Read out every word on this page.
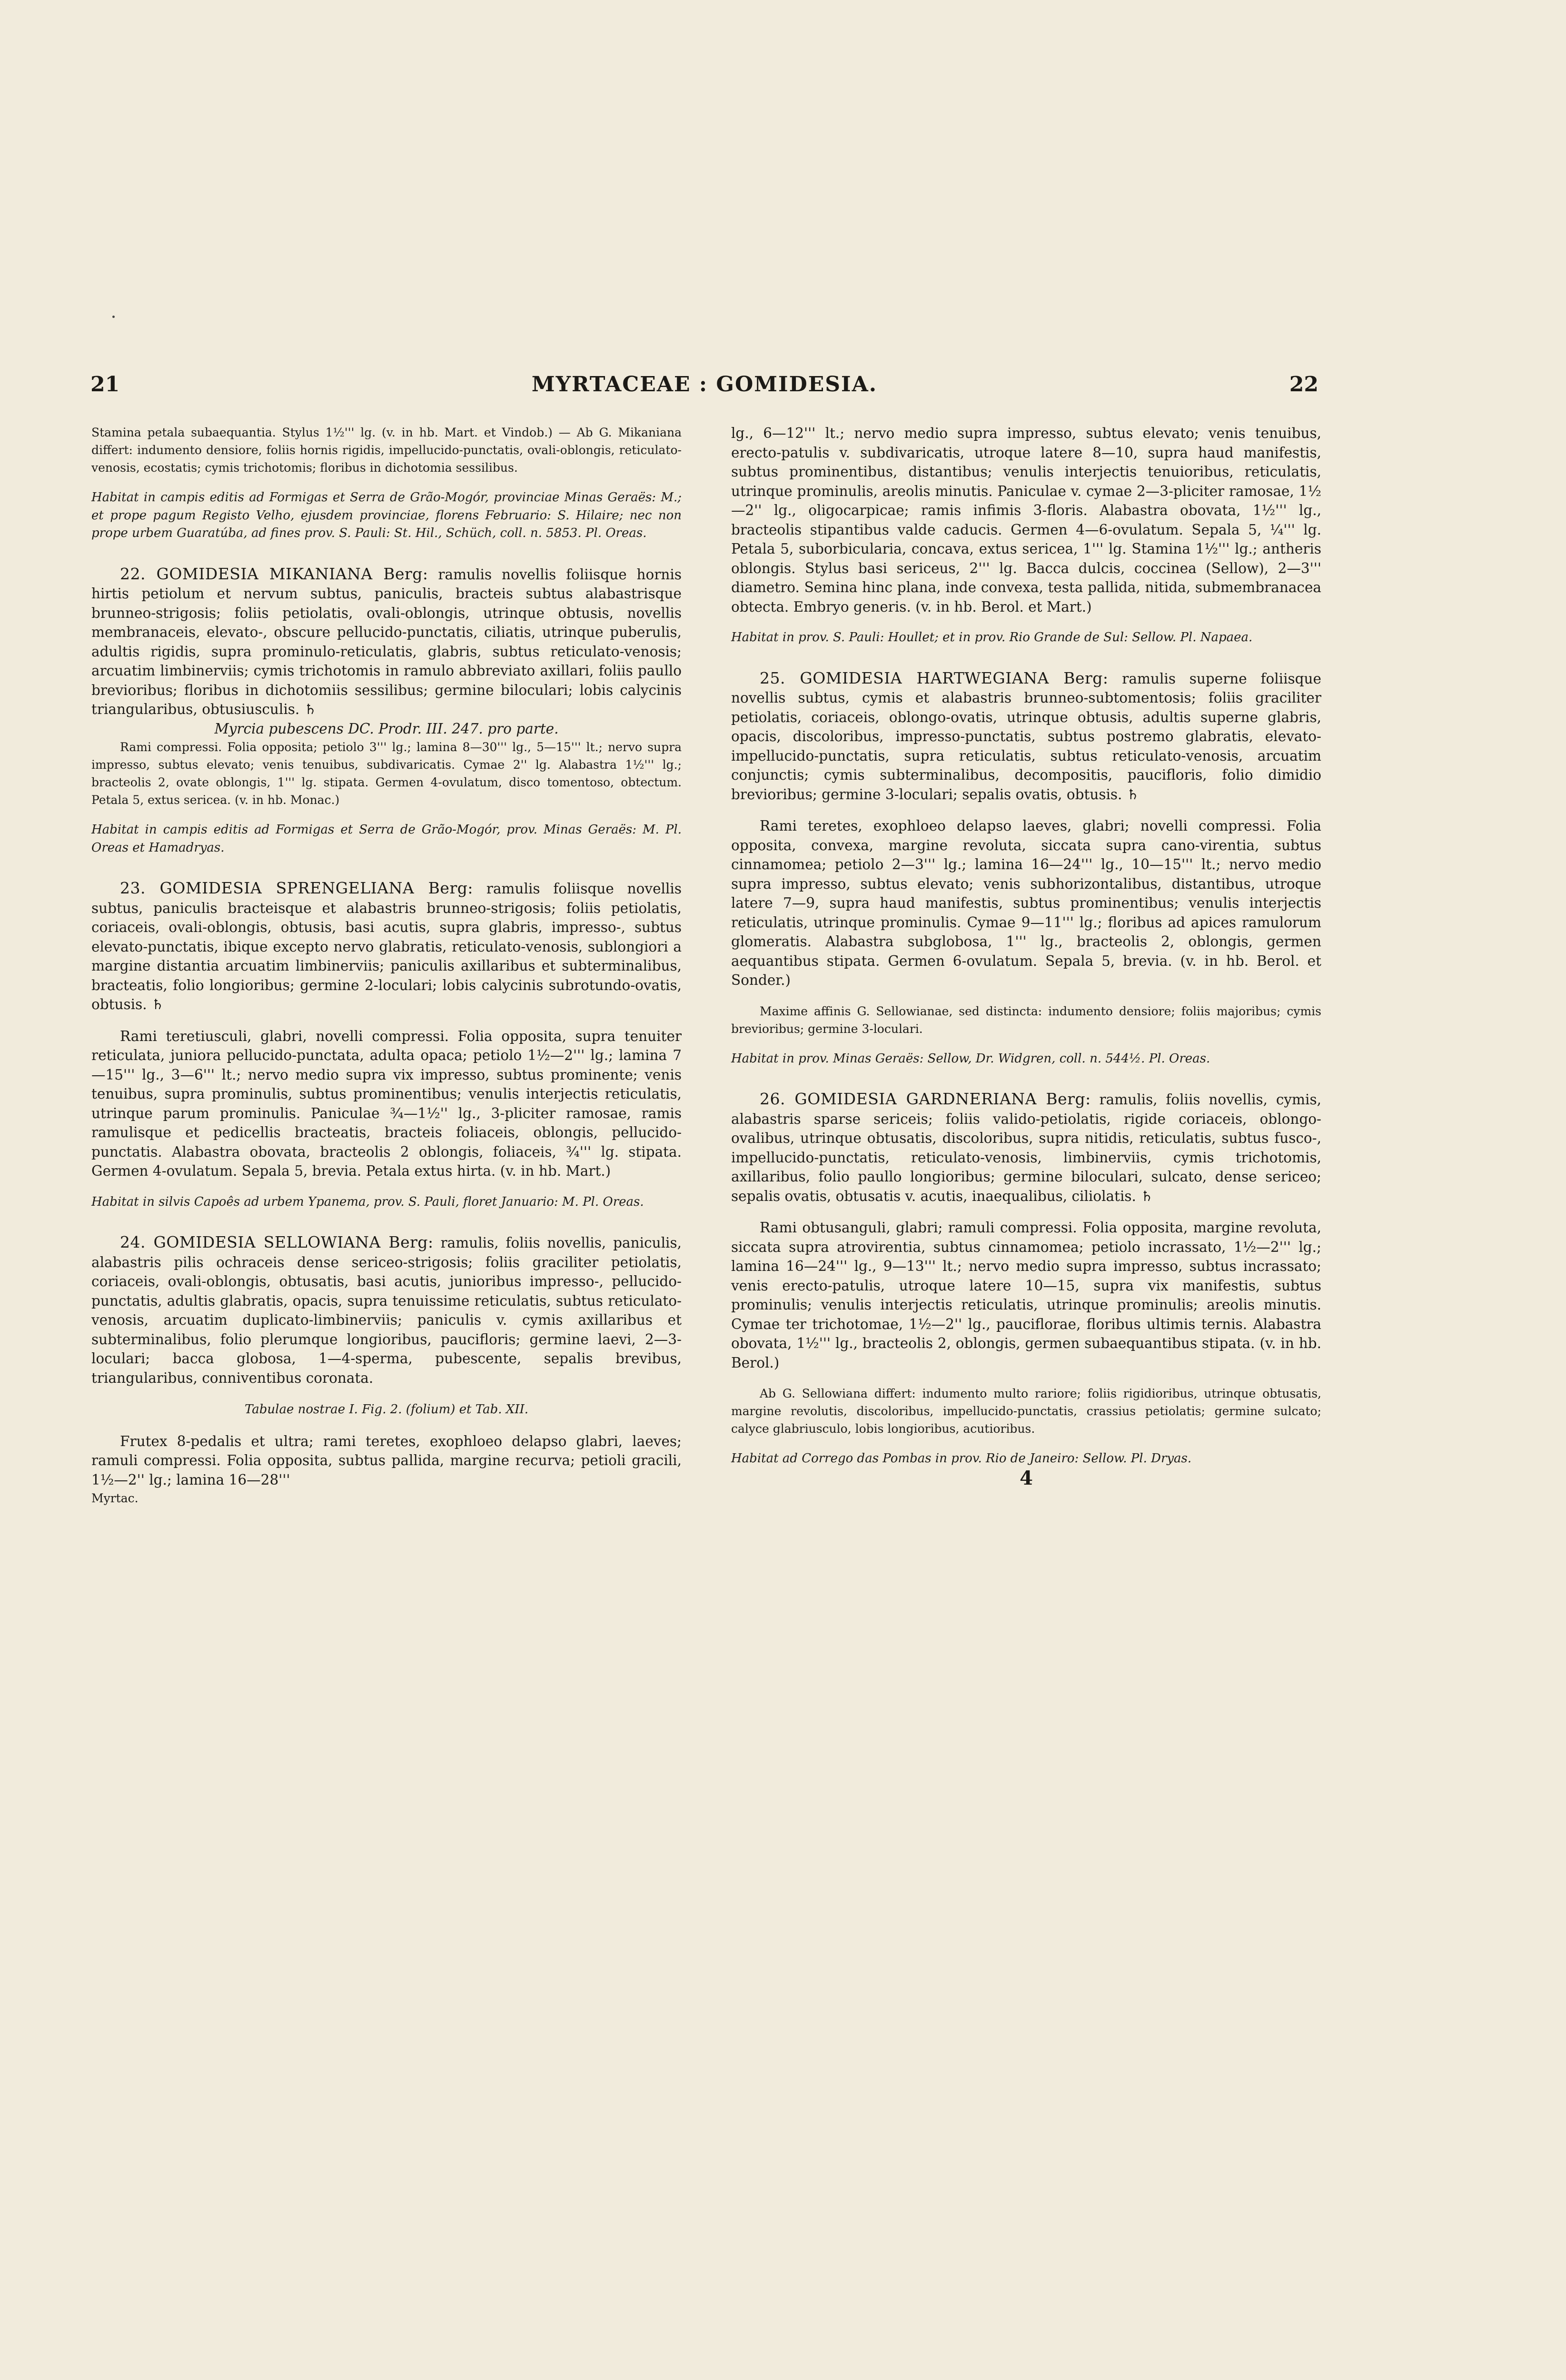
21	MYRTACEAE : GOMIDESIA.	22

Stamina petala subaequantia. Stylus 1½''' lg. (v. in hb. Mart. et Vindob.) — Ab G. Mikaniana differt: indumento densiore, foliis hornis rigidis, impellucido-punctatis, ovali-oblongis, reticulato-venosis, ecostatis; cymis trichotomis; floribus in dichotomia sessilibus.

Habitat in campis editis ad Formigas et Serra de Grão-Mogór, provinciae Minas Geraës: M.; et prope pagum Registo Velho, ejusdem provinciae, florens Februario: S. Hilaire; nec non prope urbem Guaratúba, ad fines prov. S. Pauli: St. Hil., Schüch, coll. n. 5853. Pl. Oreas.

22. GOMIDESIA MIKANIANA Berg: ramulis novellis foliisque hornis hirtis petiolum et nervum subtus, paniculis, bracteis subtus alabastrisque brunneo-strigosis; foliis petiolatis, ovali-oblongis, utrinque obtusis, novellis membranaceis, elevato-, obscure pellucido-punctatis, ciliatis, utrinque puberulis, adultis rigidis, supra prominulo-reticulatis, glabris, subtus reticulato-venosis; arcuatim limbinerviis; cymis trichotomis in ramulo abbreviato axillari, foliis paullo brevioribus; floribus in dichotomiis sessilibus; germine biloculari; lobis calycinis triangularibus, obtusiusculis. ♄

Myrcia pubescens DC. Prodr. III. 247. pro parte.

Rami compressi. Folia opposita; petiolo 3''' lg.; lamina 8—30''' lg., 5—15''' lt.; nervo supra impresso, subtus elevato; venis tenuibus, subdivaricatis. Cymae 2'' lg. Alabastra 1½''' lg.; bracteolis 2, ovate oblongis, 1''' lg. stipata. Germen 4-ovulatum, disco tomentoso, obtectum. Petala 5, extus sericea. (v. in hb. Monac.)

Habitat in campis editis ad Formigas et Serra de Grão-Mogór, prov. Minas Geraës: M. Pl. Oreas et Hamadryas.

23. GOMIDESIA SPRENGELIANA Berg: ramulis foliisque novellis subtus, paniculis bracteisque et alabastris brunneo-strigosis; foliis petiolatis, coriaceis, ovali-oblongis, obtusis, basi acutis, supra glabris, impresso-, subtus elevato-punctatis, ibique excepto nervo glabratis, reticulato-venosis, sublongiori a margine distantia arcuatim limbinerviis; paniculis axillaribus et subterminalibus, bracteatis, folio longioribus; germine 2-loculari; lobis calycinis subrotundo-ovatis, obtusis. ♄

Rami teretiusculi, glabri, novelli compressi. Folia opposita, supra tenuiter reticulata, juniora pellucido-punctata, adulta opaca; petiolo 1½—2''' lg.; lamina 7—15''' lg., 3—6''' lt.; nervo medio supra vix impresso, subtus prominente; venis tenuibus, supra prominulis, subtus prominentibus; venulis interjectis reticulatis, utrinque parum prominulis. Paniculae ¾—1½'' lg., 3-pliciter ramosae, ramis ramulisque et pedicellis bracteatis, bracteis foliaceis, oblongis, pellucido-punctatis. Alabastra obovata, bracteolis 2 oblongis, foliaceis, ¾''' lg. stipata. Germen 4-ovulatum. Sepala 5, brevia. Petala extus hirta. (v. in hb. Mart.)

Habitat in silvis Capoês ad urbem Ypanema, prov. S. Pauli, floret Januario: M. Pl. Oreas.

24. GOMIDESIA SELLOWIANA Berg: ramulis, foliis novellis, paniculis, alabastris pilis ochraceis dense sericeo-strigosis; foliis graciliter petiolatis, coriaceis, ovali-oblongis, obtusatis, basi acutis, junioribus impresso-, pellucido-punctatis, adultis glabratis, opacis, supra tenuissime reticulatis, subtus reticulato-venosis, arcuatim duplicato-limbinerviis; paniculis v. cymis axillaribus et subterminalibus, folio plerumque longioribus, paucifloris; germine laevi, 2—3-loculari; bacca globosa, 1—4-sperma, pubescente, sepalis brevibus, triangularibus, conniventibus coronata.

Tabulae nostrae I. Fig. 2. (folium) et Tab. XII.

Frutex 8-pedalis et ultra; rami teretes, exophloeo delapso glabri, laeves; ramuli compressi. Folia opposita, subtus pallida, margine recurva; petioli gracili, 1½—2'' lg.; lamina 16—28'''

Myrtac.

lg., 6—12''' lt.; nervo medio supra impresso, subtus elevato; venis tenuibus, erecto-patulis v. subdivaricatis, utroque latere 8—10, supra haud manifestis, subtus prominentibus, distantibus; venulis interjectis tenuioribus, reticulatis, utrinque prominulis, areolis minutis. Paniculae v. cymae 2—3-pliciter ramosae, 1½—2'' lg., oligocarpicae; ramis infimis 3-floris. Alabastra obovata, 1½''' lg., bracteolis stipantibus valde caducis. Germen 4—6-ovulatum. Sepala 5, ¼''' lg. Petala 5, suborbicularia, concava, extus sericea, 1''' lg. Stamina 1½''' lg.; antheris oblongis. Stylus basi sericeus, 2''' lg. Bacca dulcis, coccinea (Sellow), 2—3''' diametro. Semina hinc plana, inde convexa, testa pallida, nitida, submembranacea obtecta. Embryo generis. (v. in hb. Berol. et Mart.)

Habitat in prov. S. Pauli: Houllet; et in prov. Rio Grande de Sul: Sellow. Pl. Napaea.

25. GOMIDESIA HARTWEGIANA Berg: ramulis superne foliisque novellis subtus, cymis et alabastris brunneo-subtomentosis; foliis graciliter petiolatis, coriaceis, oblongo-ovatis, utrinque obtusis, adultis superne glabris, opacis, discoloribus, impresso-punctatis, subtus postremo glabratis, elevato-impellucido-punctatis, supra reticulatis, subtus reticulato-venosis, arcuatim conjunctis; cymis subterminalibus, decompositis, paucifloris, folio dimidio brevioribus; germine 3-loculari; sepalis ovatis, obtusis. ♄

Rami teretes, exophloeo delapso laeves, glabri; novelli compressi. Folia opposita, convexa, margine revoluta, siccata supra cano-virentia, subtus cinnamomea; petiolo 2—3''' lg.; lamina 16—24''' lg., 10—15''' lt.; nervo medio supra impresso, subtus elevato; venis subhorizontalibus, distantibus, utroque latere 7—9, supra haud manifestis, subtus prominentibus; venulis interjectis reticulatis, utrinque prominulis. Cymae 9—11''' lg.; floribus ad apices ramulorum glomeratis. Alabastra subglobosa, 1''' lg., bracteolis 2, oblongis, germen aequantibus stipata. Germen 6-ovulatum. Sepala 5, brevia. (v. in hb. Berol. et Sonder.)

Maxime affinis G. Sellowianae, sed distincta: indumento densiore; foliis majoribus; cymis brevioribus; germine 3-loculari.

Habitat in prov. Minas Geraës: Sellow, Dr. Widgren, coll. n. 544½. Pl. Oreas.

26. GOMIDESIA GARDNERIANA Berg: ramulis, foliis novellis, cymis, alabastris sparse sericeis; foliis valido-petiolatis, rigide coriaceis, oblongo-ovalibus, utrinque obtusatis, discoloribus, supra nitidis, reticulatis, subtus fusco-, impellucido-punctatis, reticulato-venosis, limbinerviis, cymis trichotomis, axillaribus, folio paullo longioribus; germine biloculari, sulcato, dense sericeo; sepalis ovatis, obtusatis v. acutis, inaequalibus, ciliolatis. ♄

Rami obtusanguli, glabri; ramuli compressi. Folia opposita, margine revoluta, siccata supra atrovirentia, subtus cinnamomea; petiolo incrassato, 1½—2''' lg.; lamina 16—24''' lg., 9—13''' lt.; nervo medio supra impresso, subtus incrassato; venis erecto-patulis, utroque latere 10—15, supra vix manifestis, subtus prominulis; venulis interjectis reticulatis, utrinque prominulis; areolis minutis. Cymae ter trichotomae, 1½—2'' lg., pauciflorae, floribus ultimis ternis. Alabastra obovata, 1½''' lg., bracteolis 2, oblongis, germen subaequantibus stipata. (v. in hb. Berol.)

Ab G. Sellowiana differt: indumento multo rariore; foliis rigidioribus, utrinque obtusatis, margine revolutis, discoloribus, impellucido-punctatis, crassius petiolatis; germine sulcato; calyce glabriusculo, lobis longioribus, acutioribus.

Habitat ad Corrego das Pombas in prov. Rio de Janeiro: Sellow. Pl. Dryas.

4
